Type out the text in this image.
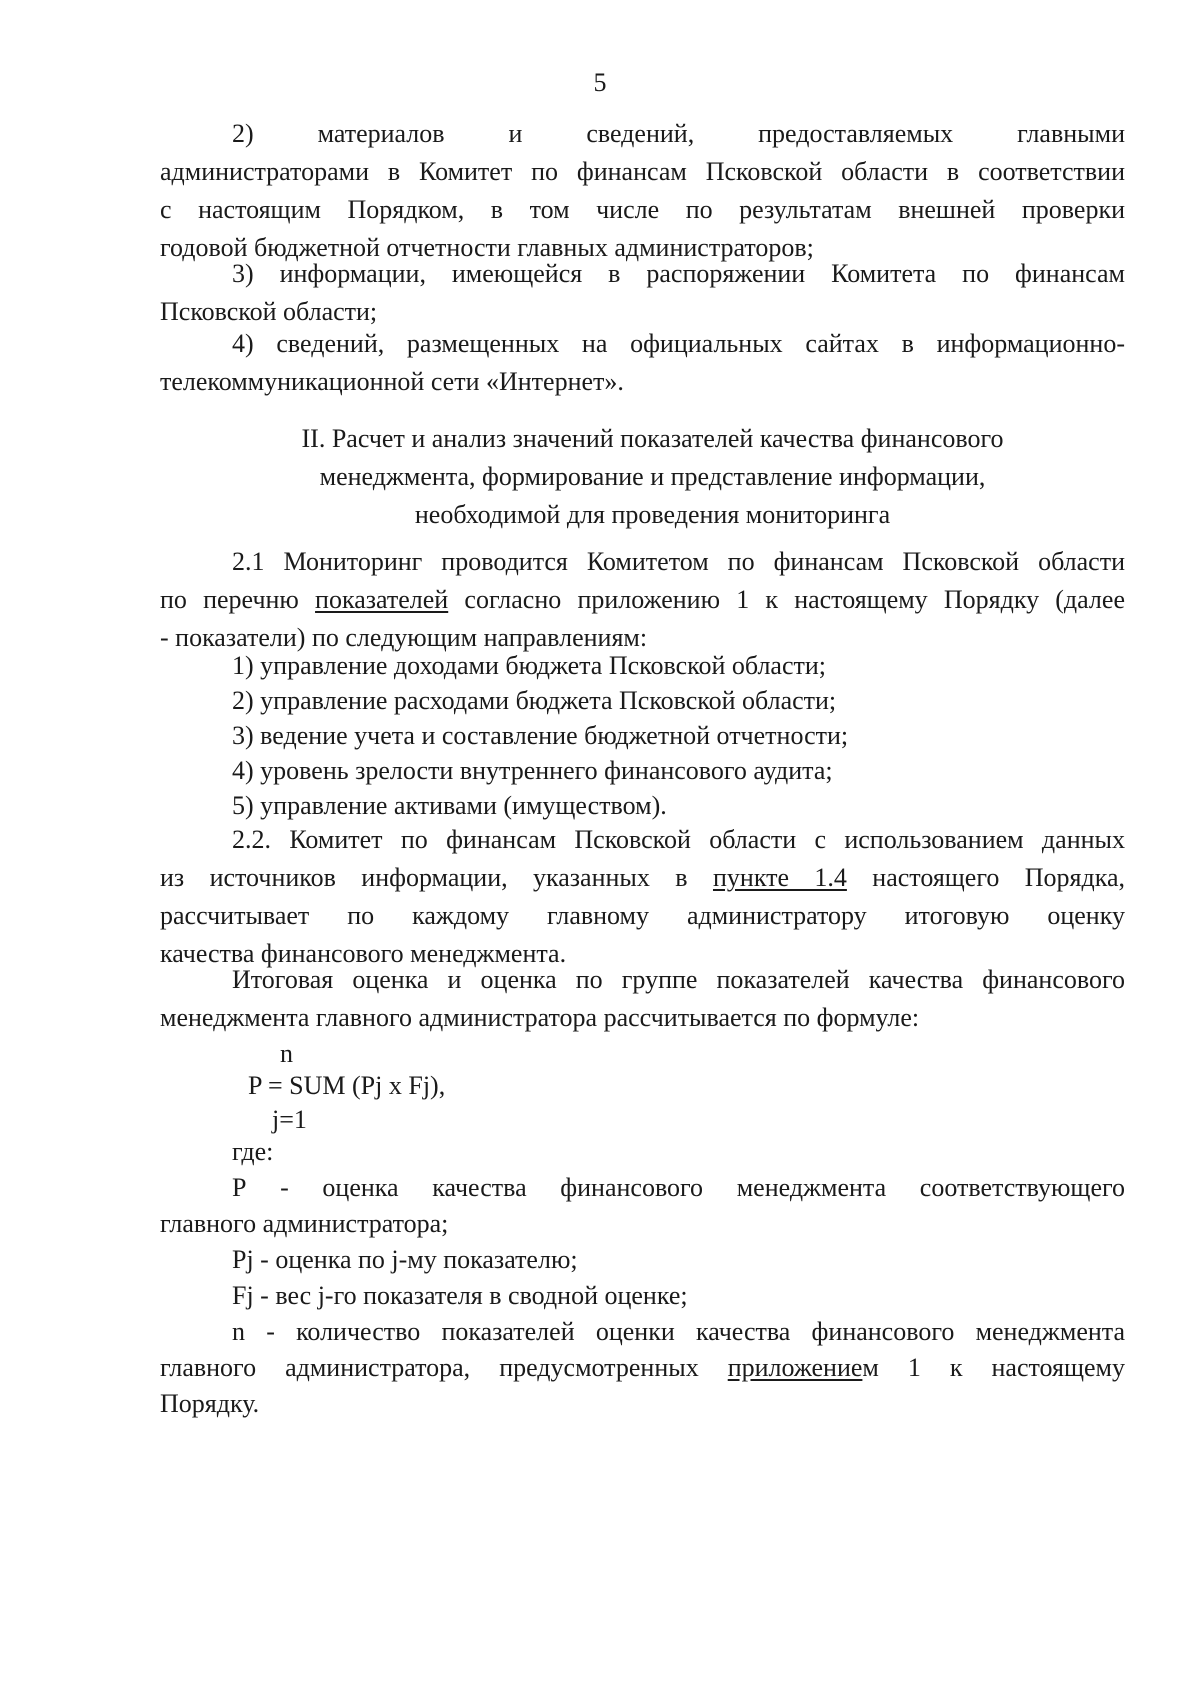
5
2) материалов и сведений, предоставляемых главными
администраторами в Комитет по финансам Псковской области в соответствии
с настоящим Порядком, в том числе по результатам внешней проверки
годовой бюджетной отчетности главных администраторов;
3) информации, имеющейся в распоряжении Комитета по финансам
Псковской области;
4) сведений, размещенных на официальных сайтах в информационно-
телекоммуникационной сети «Интернет».
2.1 Мониторинг проводится Комитетом по финансам Псковской области
по перечню показателей согласно приложению 1 к настоящему Порядку (далее
- показатели) по следующим направлениям:
1) управление доходами бюджета Псковской области;
2) управление расходами бюджета Псковской области;
3) ведение учета и составление бюджетной отчетности;
4) уровень зрелости внутреннего финансового аудита;
5) управление активами (имуществом).
2.2. Комитет по финансам Псковской области с использованием данных
из источников информации, указанных в пункте 1.4 настоящего Порядка,
рассчитывает по каждому главному администратору итоговую оценку
качества финансового менеджмента.
Итоговая оценка и оценка по группе показателей качества финансового
менеджмента главного администратора рассчитывается по формуле:
n
P = SUM (Pj x Fj),
j=1
где:
Р - оценка качества финансового менеджмента соответствующего
главного администратора;
Pj - оценка по j-му показателю;
Fj - вес j-го показателя в сводной оценке;
n - количество показателей оценки качества финансового менеджмента
главного администратора, предусмотренных приложением 1 к настоящему
Порядку.
II. Расчет и анализ значений показателей качества финансового
менеджмента, формирование и представление информации,
необходимой для проведения мониторинга
